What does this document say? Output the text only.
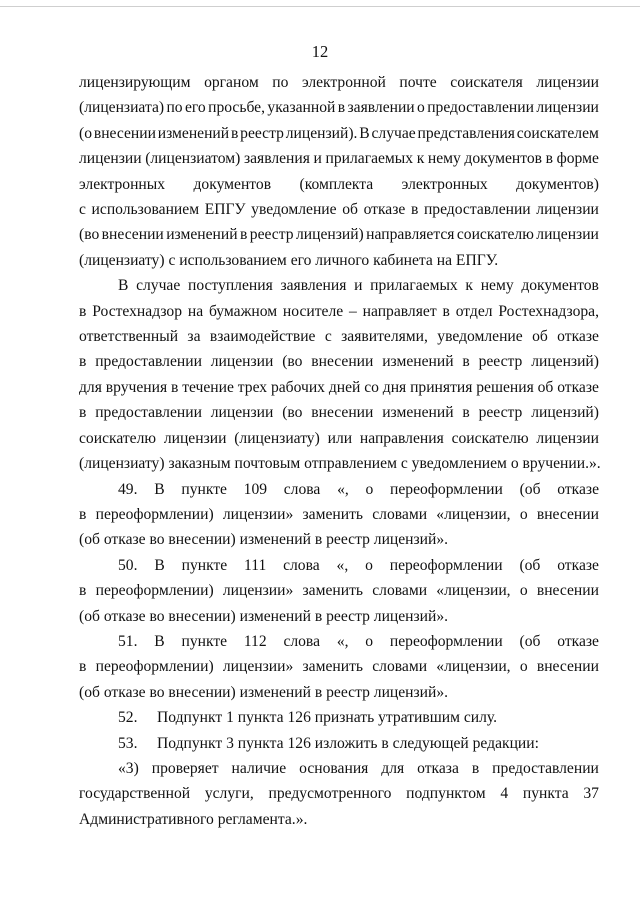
12
лицензирующим органом по электронной почте соискателя лицензии
(лицензиата) по его просьбе, указанной в заявлении о предоставлении лицензии
(о внесении изменений в реестр лицензий). В случае представления соискателем
лицензии (лицензиатом) заявления и прилагаемых к нему документов в форме
электронных документов (комплекта электронных документов)
с использованием ЕПГУ уведомление об отказе в предоставлении лицензии
(во внесении изменений в реестр лицензий) направляется соискателю лицензии
(лицензиату) с использованием его личного кабинета на ЕПГУ.
В случае поступления заявления и прилагаемых к нему документов
в Ростехнадзор на бумажном носителе – направляет в отдел Ростехнадзора,
ответственный за взаимодействие с заявителями, уведомление об отказе
в предоставлении лицензии (во внесении изменений в реестр лицензий)
для вручения в течение трех рабочих дней со дня принятия решения об отказе
в предоставлении лицензии (во внесении изменений в реестр лицензий)
соискателю лицензии (лицензиату) или направления соискателю лицензии
(лицензиату) заказным почтовым отправлением с уведомлением о вручении.».
49. В пункте 109 слова «, о переоформлении (об отказе
в переоформлении) лицензии» заменить словами «лицензии, о внесении
(об отказе во внесении) изменений в реестр лицензий».
50. В пункте 111 слова «, о переоформлении (об отказе
в переоформлении) лицензии» заменить словами «лицензии, о внесении
(об отказе во внесении) изменений в реестр лицензий».
51. В пункте 112 слова «, о переоформлении (об отказе
в переоформлении) лицензии» заменить словами «лицензии, о внесении
(об отказе во внесении) изменений в реестр лицензий».
52.     Подпункт 1 пункта 126 признать утратившим силу.
53.     Подпункт 3 пункта 126 изложить в следующей редакции:
«3) проверяет наличие основания для отказа в предоставлении
государственной услуги, предусмотренного подпунктом 4 пункта 37
Административного регламента.».
